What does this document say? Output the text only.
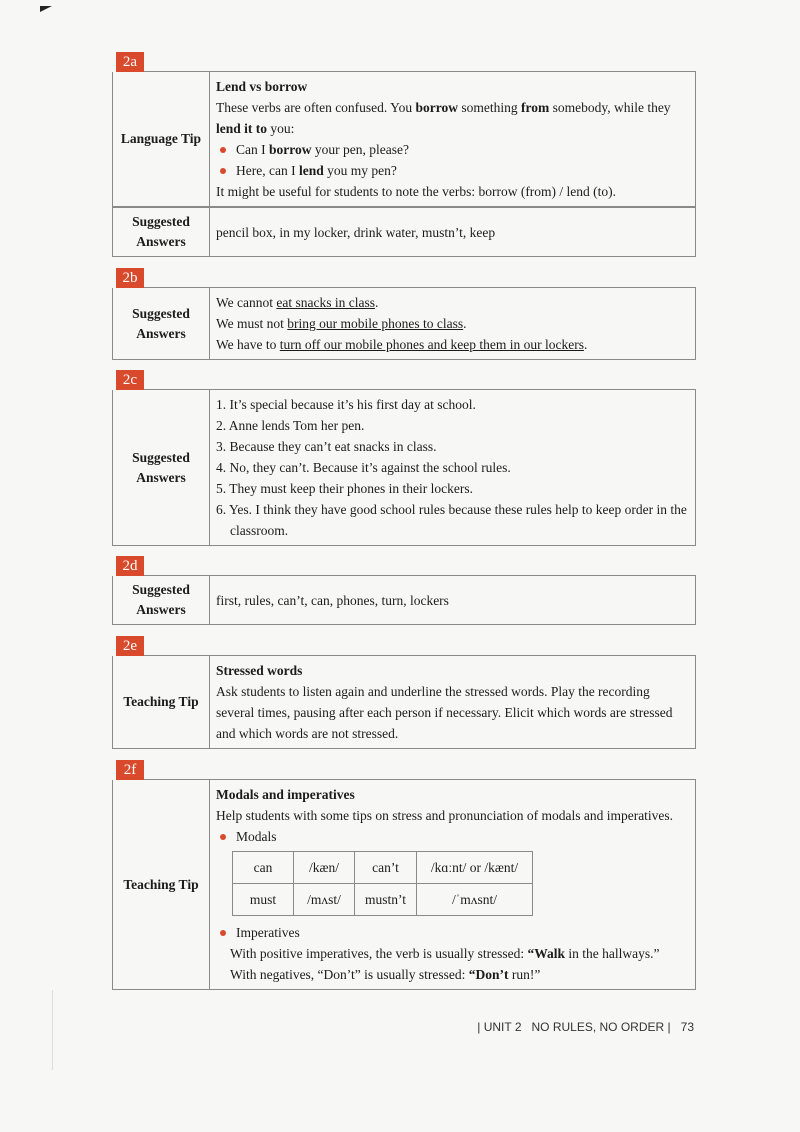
2a
Language Tip
Lend vs borrow
These verbs are often confused. You borrow something from somebody, while they lend it to you:
Can I borrow your pen, please?
Here, can I lend you my pen?
It might be useful for students to note the verbs: borrow (from) / lend (to).
Suggested Answers
pencil box, in my locker, drink water, mustn’t, keep
2b
Suggested Answers
We cannot eat snacks in class.
We must not bring our mobile phones to class.
We have to turn off our mobile phones and keep them in our lockers.
2c
Suggested Answers
1. It’s special because it’s his first day at school.
2. Anne lends Tom her pen.
3. Because they can’t eat snacks in class.
4. No, they can’t. Because it’s against the school rules.
5. They must keep their phones in their lockers.
6. Yes. I think they have good school rules because these rules help to keep order in the classroom.
2d
Suggested Answers
first, rules, can’t, can, phones, turn, lockers
2e
Teaching Tip
Stressed words
Ask students to listen again and underline the stressed words. Play the recording several times, pausing after each person if necessary. Elicit which words are stressed and which words are not stressed.
2f
Teaching Tip
Modals and imperatives
Help students with some tips on stress and pronunciation of modals and imperatives.
Modals
can	/kæn/	can’t	/kɑːnt/ or /kænt/
must	/mʌst/	mustn’t	/ˈmʌsnt/
Imperatives
With positive imperatives, the verb is usually stressed: “Walk in the hallways.”
With negatives, “Don’t” is usually stressed: “Don’t run!”
| UNIT 2 NO RULES, NO ORDER | 73
